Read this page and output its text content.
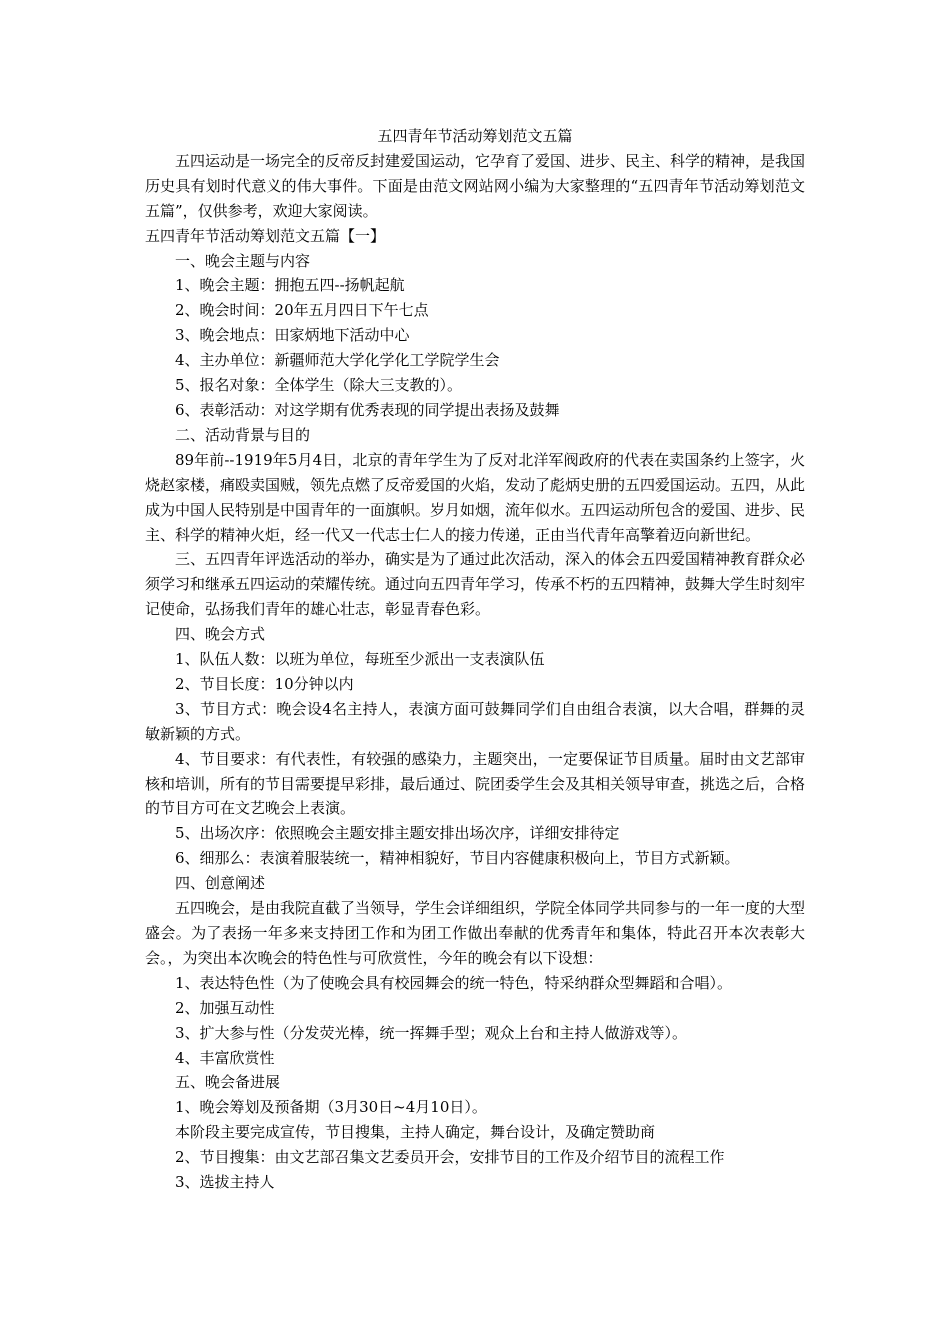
五四青年节活动筹划范文五篇
五四运动是一场完全的反帝反封建爱国运动，它孕育了爱国、进步、民主、科学的精神，是我国历史具有划时代意义的伟大事件。下面是由范文网站网小编为大家整理的“五四青年节活动筹划范文五篇”，仅供参考，欢迎大家阅读。
五四青年节活动筹划范文五篇【一】
一、晚会主题与内容
1、晚会主题：拥抱五四--扬帆起航
2、晚会时间：20年五月四日下午七点
3、晚会地点：田家炳地下活动中心
4、主办单位：新疆师范大学化学化工学院学生会
5、报名对象：全体学生（除大三支教的）。
6、表彰活动：对这学期有优秀表现的同学提出表扬及鼓舞
二、活动背景与目的
89年前--1919年5月4日，北京的青年学生为了反对北洋军阀政府的代表在卖国条约上签字，火烧赵家楼，痛殴卖国贼，领先点燃了反帝爱国的火焰，发动了彪炳史册的五四爱国运动。五四，从此成为中国人民特别是中国青年的一面旗帜。岁月如烟，流年似水。五四运动所包含的爱国、进步、民主、科学的精神火炬，经一代又一代志士仁人的接力传递，正由当代青年高擎着迈向新世纪。
三、五四青年评选活动的举办，确实是为了通过此次活动，深入的体会五四爱国精神教育群众必须学习和继承五四运动的荣耀传统。通过向五四青年学习，传承不朽的五四精神，鼓舞大学生时刻牢记使命，弘扬我们青年的雄心壮志，彰显青春色彩。
四、晚会方式
1、队伍人数：以班为单位，每班至少派出一支表演队伍
2、节目长度：10分钟以内
3、节目方式：晚会设4名主持人，表演方面可鼓舞同学们自由组合表演，以大合唱，群舞的灵敏新颖的方式。
4、节目要求：有代表性，有较强的感染力，主题突出，一定要保证节目质量。届时由文艺部审核和培训，所有的节目需要提早彩排，最后通过、院团委学生会及其相关领导审查，挑选之后，合格的节目方可在文艺晚会上表演。
5、出场次序：依照晚会主题安排主题安排出场次序，详细安排待定
6、细那么：表演着服装统一，精神相貌好，节目内容健康积极向上，节目方式新颖。
四、创意阐述
五四晚会，是由我院直截了当领导，学生会详细组织，学院全体同学共同参与的一年一度的大型盛会。为了表扬一年多来支持团工作和为团工作做出奉献的优秀青年和集体，特此召开本次表彰大会。，为突出本次晚会的特色性与可欣赏性，今年的晚会有以下设想：
1、表达特色性（为了使晚会具有校园舞会的统一特色，特采纳群众型舞蹈和合唱）。
2、加强互动性
3、扩大参与性（分发荧光棒，统一挥舞手型；观众上台和主持人做游戏等）。
4、丰富欣赏性
五、晚会备进展
1、晚会筹划及预备期（3月30日~4月10日）。
本阶段主要完成宣传，节目搜集，主持人确定，舞台设计，及确定赞助商
2、节目搜集：由文艺部召集文艺委员开会，安排节目的工作及介绍节目的流程工作
3、选拔主持人
